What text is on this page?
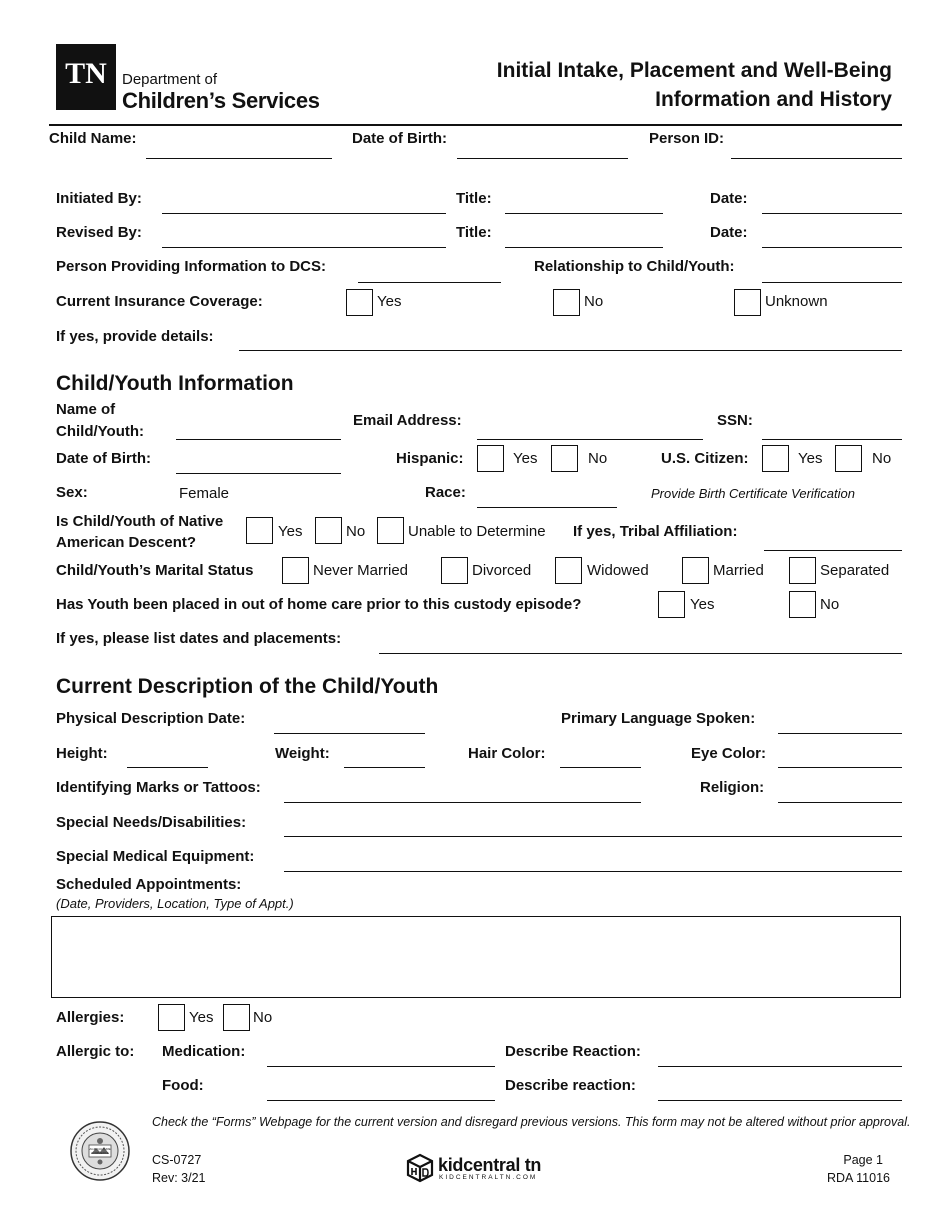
TN	Department of
Children’s Services
Initial Intake, Placement and Well-Being
Information and History
Child Name:	Date of Birth:	Person ID:
Initiated By:	Title:	Date:
Revised By:	Title:	Date:
Person Providing Information to DCS:	Relationship to Child/Youth:
Current Insurance Coverage:	Yes	No	Unknown
If yes, provide details:
Child/Youth Information
Name of
Child/Youth:
Email Address:	SSN:
Date of Birth:	Hispanic:	Yes	No	U.S. Citizen:	Yes	No
Sex:	Female	Race:	Provide Birth Certificate Verification
Is Child/Youth of Native
American Descent?
Yes	No	Unable to Determine If yes, Tribal Affiliation:
Child/Youth’s Marital Status	Never Married	Divorced	Widowed	Married	Separated
Has Youth been placed in out of home care prior to this custody episode?	Yes	No
If yes, please list dates and placements:
Current Description of the Child/Youth
Physical Description Date:	Primary Language Spoken:
Height:	Weight:	Hair Color:	Eye Color:
Identifying Marks or Tattoos:	Religion:
Special Needs/Disabilities:
Special Medical Equipment:
Scheduled Appointments:
(Date, Providers, Location, Type of Appt.)
Allergies:	Yes	No
Allergic to: Medication:	Describe Reaction:
Food:	Describe reaction:
AGRICULTURE COMMERCE
Check the “Forms” Webpage for the current version and disregard previous versions. This form may not be altered without prior approval.
CS-0727
Rev: 3/21
kidcentral tn
KIDCENTRALTN.COM
Page 1
RDA 11016
